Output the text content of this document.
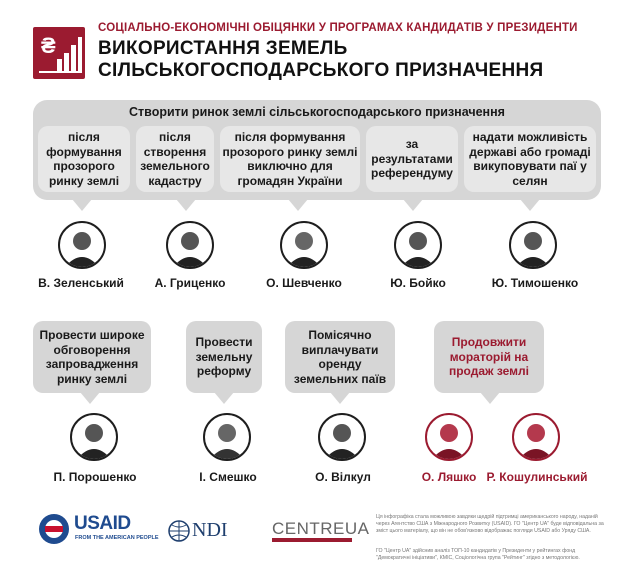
₴
СОЦІАЛЬНО-ЕКОНОМІЧНІ ОБІЦЯНКИ У ПРОГРАМАХ КАНДИДАТІВ У ПРЕЗИДЕНТИ
ВИКОРИСТАННЯ ЗЕМЕЛЬ
СІЛЬСЬКОГОСПОДАРСЬКОГО ПРИЗНАЧЕННЯ
Створити ринок землі сільськогосподарського призначення
після формування прозорого ринку землі
після створення земельного кадастру
після формування прозорого ринку землі виключно для громадян України
за результатами референдуму
надати можливість державі або громаді викуповувати паї у селян
В. Зеленський	А. Гриценко	О. Шевченко	Ю. Бойко	Ю. Тимошенко
Провести широке обговорення запровадження ринку землі
Провести земельну реформу
Помісячно виплачувати оренду земельних паїв
Продовжити мораторій на продаж землі
П. Порошенко	І. Смешко	О. Вілкул	О. Ляшко Р. Кошулинський
USAID
FROM THE AMERICAN PEOPLE NDI	CENTREUA
Ця інфографіка стала можливою завдяки щедрій підтримці американського народу, наданій через Агентство США з Міжнародного Розвитку (USAID). ГО "Центр UA" буде відповідальна за зміст цього матеріалу, що він не обов'язково відображає погляди USAID або Уряду США.
ГО "Центр UA" здійснив аналіз ТОП-10 кандидатів у Президенти у рейтингах фонд "Демократичні ініціативи", КМІС, Соціологічна група "Рейтинг" згідно з методологією.
